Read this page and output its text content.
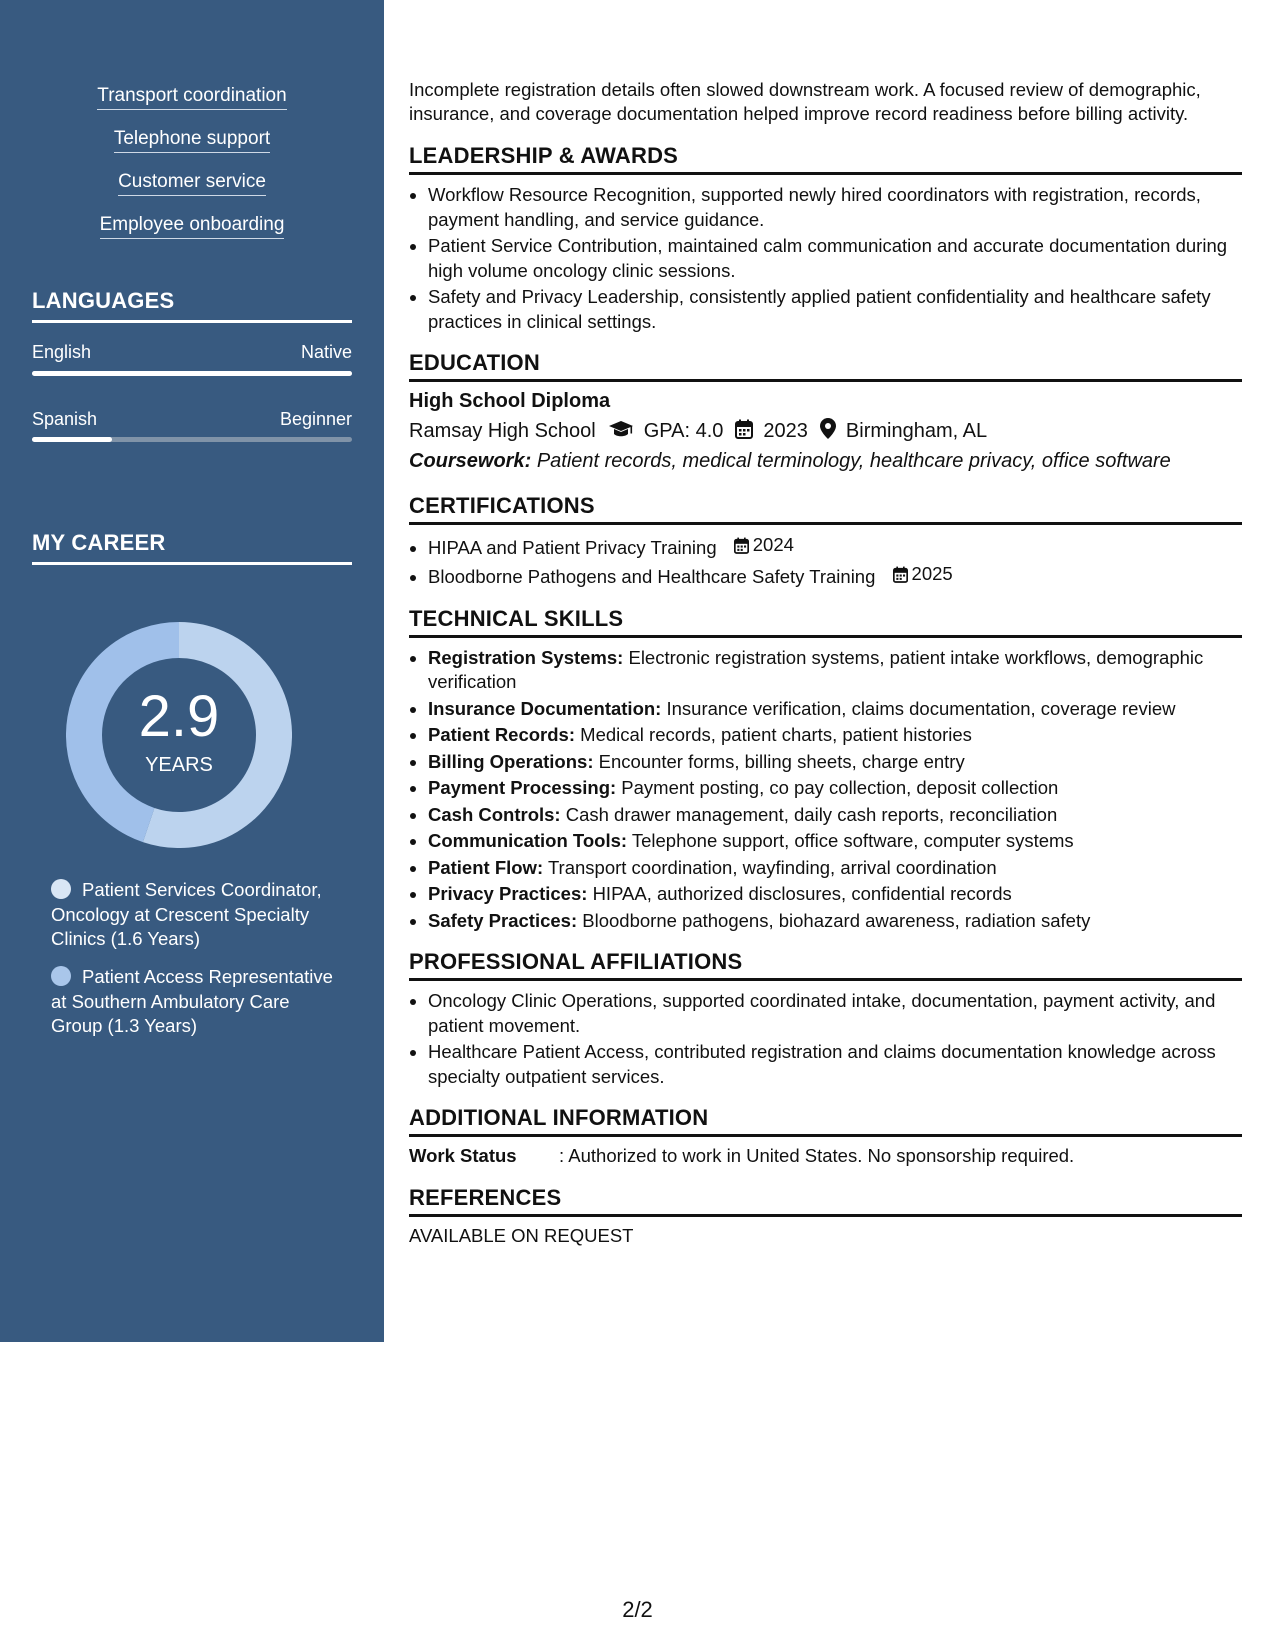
Transport coordination
Telephone support
Customer service
Employee onboarding
LANGUAGES
English	Native
Spanish	Beginner
MY CAREER
2.9
YEARS
Patient Services Coordinator, Oncology at Crescent Specialty Clinics (1.6 Years)
Patient Access Representative at Southern Ambulatory Care Group (1.3 Years)

Incomplete registration details often slowed downstream work. A focused review of demographic, insurance, and coverage documentation helped improve record readiness before billing activity.

LEADERSHIP & AWARDS
• Workflow Resource Recognition, supported newly hired coordinators with registration, records, payment handling, and service guidance.
• Patient Service Contribution, maintained calm communication and accurate documentation during high volume oncology clinic sessions.
• Safety and Privacy Leadership, consistently applied patient confidentiality and healthcare safety practices in clinical settings.
EDUCATION
High School Diploma
Ramsay High School GPA: 4.0 2023 Birmingham, AL
Coursework: Patient records, medical terminology, healthcare privacy, office software
CERTIFICATIONS
• HIPAA and Patient Privacy Training 2024
• Bloodborne Pathogens and Healthcare Safety Training 2025
TECHNICAL SKILLS
• Registration Systems: Electronic registration systems, patient intake workflows, demographic verification
• Insurance Documentation: Insurance verification, claims documentation, coverage review
• Patient Records: Medical records, patient charts, patient histories
• Billing Operations: Encounter forms, billing sheets, charge entry
• Payment Processing: Payment posting, co pay collection, deposit collection
• Cash Controls: Cash drawer management, daily cash reports, reconciliation
• Communication Tools: Telephone support, office software, computer systems
• Patient Flow: Transport coordination, wayfinding, arrival coordination
• Privacy Practices: HIPAA, authorized disclosures, confidential records
• Safety Practices: Bloodborne pathogens, biohazard awareness, radiation safety
PROFESSIONAL AFFILIATIONS
• Oncology Clinic Operations, supported coordinated intake, documentation, payment activity, and patient movement.
• Healthcare Patient Access, contributed registration and claims documentation knowledge across specialty outpatient services.
ADDITIONAL INFORMATION
Work Status	: Authorized to work in United States. No sponsorship required.
REFERENCES
AVAILABLE ON REQUEST
2/2
